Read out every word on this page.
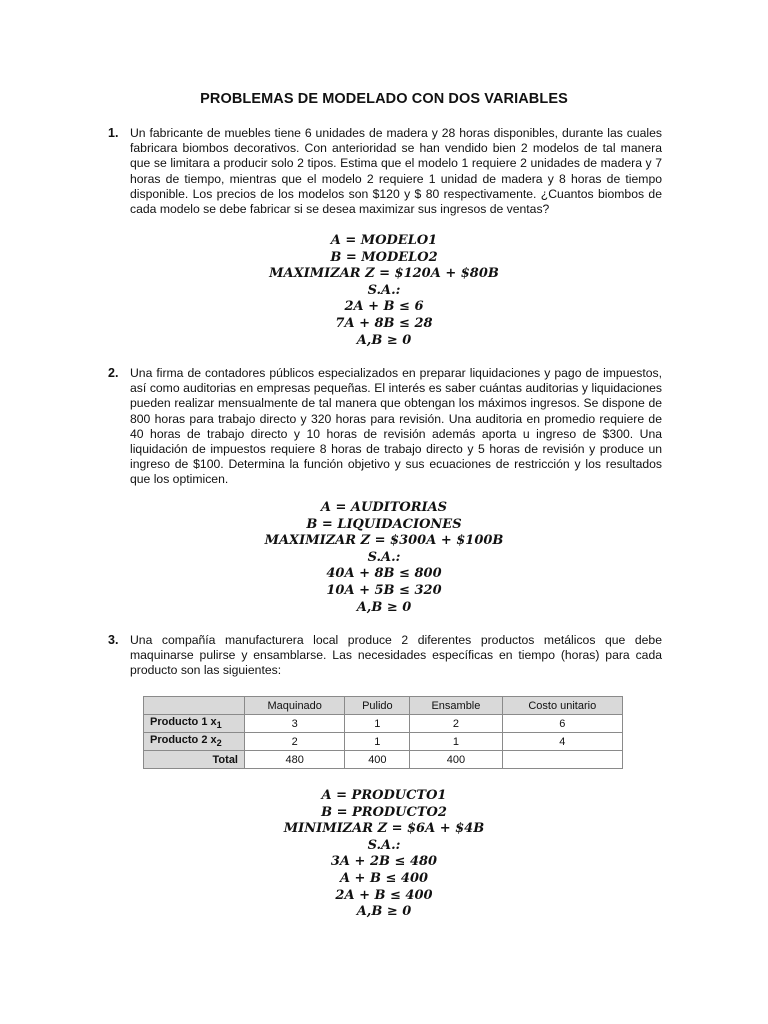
PROBLEMAS DE MODELADO CON DOS VARIABLES
1. Un fabricante de muebles tiene 6 unidades de madera y 28 horas disponibles, durante las cuales fabricara biombos decorativos. Con anterioridad se han vendido bien 2 modelos de tal manera que se limitara a producir solo 2 tipos. Estima que el modelo 1 requiere 2 unidades de madera y 7 horas de tiempo, mientras que el modelo 2 requiere 1 unidad de madera y 8 horas de tiempo disponible. Los precios de los modelos son $120 y $ 80 respectivamente. ¿Cuantos biombos de cada modelo se debe fabricar si se desea maximizar sus ingresos de ventas?
A = MODELO1
B = MODELO2
MAXIMIZAR Z = $120A + $80B
S.A.:
2A + B ≤ 6
7A + 8B ≤ 28
A,B ≥ 0
2. Una firma de contadores públicos especializados en preparar liquidaciones y pago de impuestos, así como auditorias en empresas pequeñas. El interés es saber cuántas auditorias y liquidaciones pueden realizar mensualmente de tal manera que obtengan los máximos ingresos. Se dispone de 800 horas para trabajo directo y 320 horas para revisión. Una auditoria en promedio requiere de 40 horas de trabajo directo y 10 horas de revisión además aporta u ingreso de $300. Una liquidación de impuestos requiere 8 horas de trabajo directo y 5 horas de revisión y produce un ingreso de $100. Determina la función objetivo y sus ecuaciones de restricción y los resultados que los optimicen.
A = AUDITORIAS
B = LIQUIDACIONES
MAXIMIZAR Z = $300A + $100B
S.A.:
40A + 8B ≤ 800
10A + 5B ≤ 320
A,B ≥ 0
3. Una compañía manufacturera local produce 2 diferentes productos metálicos que debe maquinarse pulirse y ensamblarse. Las necesidades específicas en tiempo (horas) para cada producto son las siguientes:
	Maquinado	Pulido	Ensamble	Costo unitario
Producto 1 $x_1$	3	1	2	6
Producto 2 $x_2$	2	1	1	4
Total	480	400	400	
A = PRODUCTO1
B = PRODUCTO2
MINIMIZAR Z = $6A + $4B
S.A.:
3A + 2B ≤ 480
A + B ≤ 400
2A + B ≤ 400
A,B ≥ 0
